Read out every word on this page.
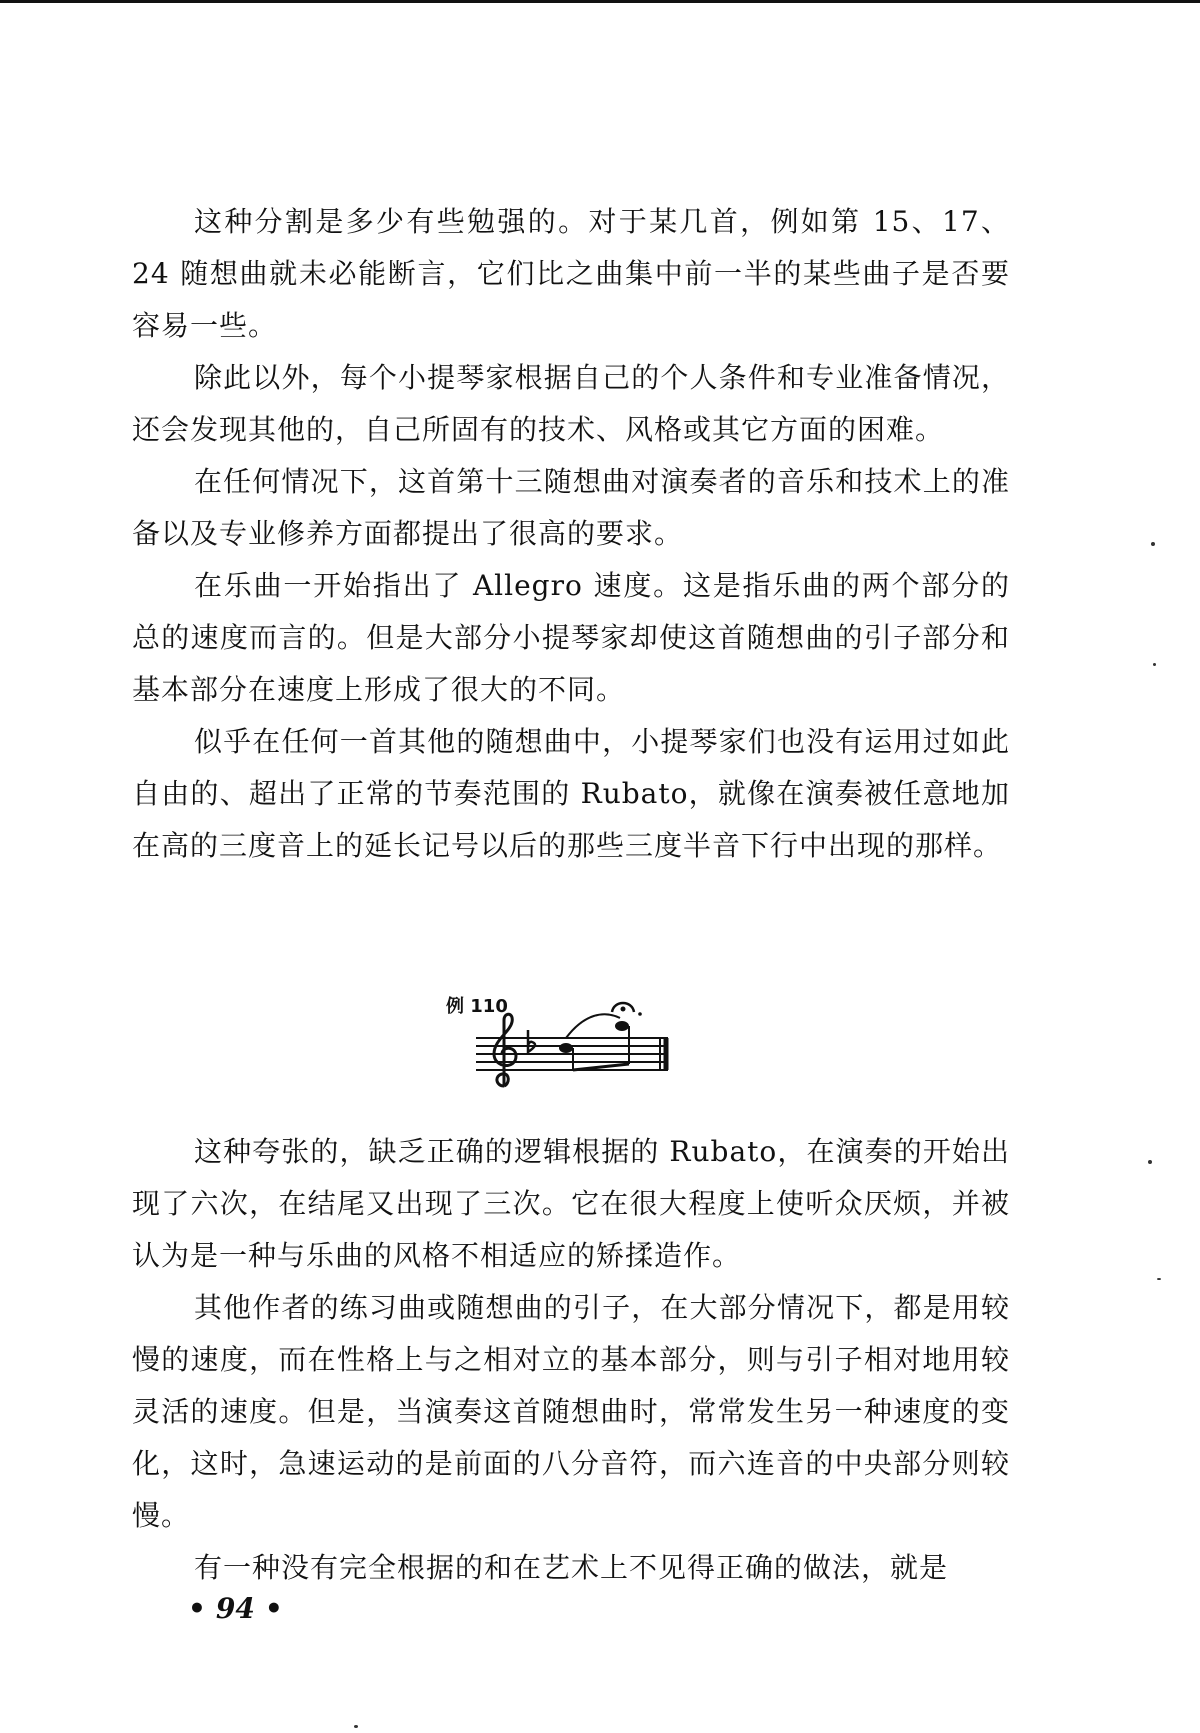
这种分割是多少有些勉强的。对于某几首，例如第 15、17、24 随想曲就未必能断言，它们比之曲集中前一半的某些曲子是否要容易一些。

除此以外，每个小提琴家根据自己的个人条件和专业准备情况，还会发现其他的，自己所固有的技术、风格或其它方面的困难。

在任何情况下，这首第十三随想曲对演奏者的音乐和技术上的准备以及专业修养方面都提出了很高的要求。

在乐曲一开始指出了 Allegro 速度。这是指乐曲的两个部分的总的速度而言的。但是大部分小提琴家却使这首随想曲的引子部分和基本部分在速度上形成了很大的不同。

似乎在任何一首其他的随想曲中，小提琴家们也没有运用过如此自由的、超出了正常的节奏范围的 Rubato，就像在演奏被任意地加在高的三度音上的延长记号以后的那些三度半音下行中出现的那样。

例 110

这种夸张的，缺乏正确的逻辑根据的 Rubato，在演奏的开始出现了六次，在结尾又出现了三次。它在很大程度上使听众厌烦，并被认为是一种与乐曲的风格不相适应的矫揉造作。

其他作者的练习曲或随想曲的引子，在大部分情况下，都是用较慢的速度，而在性格上与之相对立的基本部分，则与引子相对地用较灵活的速度。但是，当演奏这首随想曲时，常常发生另一种速度的变化，这时，急速运动的是前面的八分音符，而六连音的中央部分则较慢。

有一种没有完全根据的和在艺术上不见得正确的做法，就是

• 94 •
